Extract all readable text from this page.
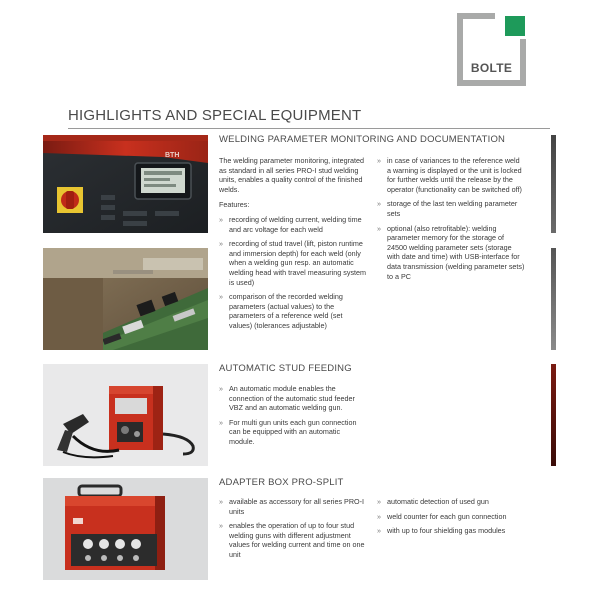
BOLTE
HIGHLIGHTS AND SPECIAL EQUIPMENT
BTH
WELDING PARAMETER MONITORING AND DOCUMENTATION

The welding parameter monitoring, integrated as standard in all series PRO-I stud welding units, enables a quality control of the finished welds.

Features:
» recording of welding current, welding time and arc voltage for each weld
» recording of stud travel (lift, piston runtime and immersion depth) for each weld (only when a welding gun resp. an automatic welding head with travel measuring system is used)
» comparison of the recorded welding parameters (actual values) to the parameters of a reference weld (set values) (tolerances adjustable)
» in case of variances to the reference weld a warning is displayed or the unit is locked for further welds until the release by the operator (functionality can be switched off)
» storage of the last ten welding parameter sets
» optional (also retrofitable): welding parameter memory for the storage of 24500 welding parameter sets (storage with date and time) with USB-interface for data transmission (welding parameter sets) to a PC
AUTOMATIC STUD FEEDING
» An automatic module enables the connection of the automatic stud feeder VBZ and an automatic welding gun.
» For multi gun units each gun connection can be equipped with an automatic module.
ADAPTER BOX PRO-SPLIT
» available as accessory for all series PRO-I units
» enables the operation of up to four stud welding guns with different adjustment values for welding current and time on one unit
» automatic detection of used gun
» weld counter for each gun connection
» with up to four shielding gas modules
